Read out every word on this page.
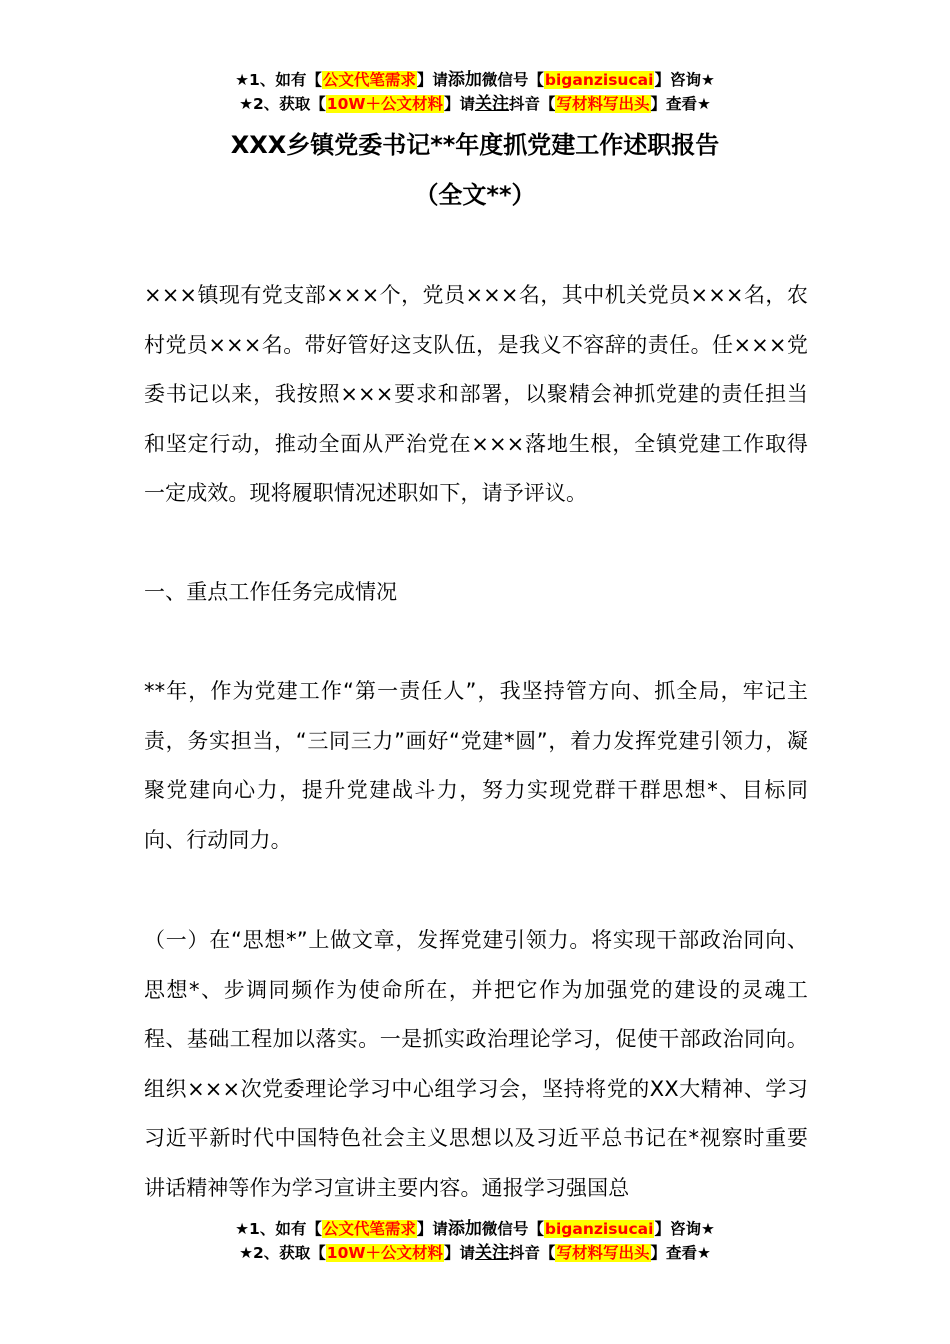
★1、如有【公文代笔需求】请添加微信号【biganzisucai】咨询★
★2、获取【10W＋公文材料】请关注抖音【写材料写出头】查看★
XXX乡镇党委书记**年度抓党建工作述职报告
（全文**）
×××镇现有党支部×××个，党员×××名，其中机关党员×××名，农村党员×××名。带好管好这支队伍，是我义不容辞的责任。任×××党委书记以来，我按照×××要求和部署，以聚精会神抓党建的责任担当和坚定行动，推动全面从严治党在×××落地生根，全镇党建工作取得一定成效。现将履职情况述职如下，请予评议。
一、重点工作任务完成情况
**年，作为党建工作“第一责任人”，我坚持管方向、抓全局，牢记主责，务实担当，“三同三力”画好“党建*圆”，着力发挥党建引领力，凝聚党建向心力，提升党建战斗力，努力实现党群干群思想*、目标同向、行动同力。
（一）在“思想*”上做文章，发挥党建引领力。将实现干部政治同向、思想*、步调同频作为使命所在，并把它作为加强党的建设的灵魂工程、基础工程加以落实。一是抓实政治理论学习，促使干部政治同向。组织×××次党委理论学习中心组学习会，坚持将党的XX大精神、学习习近平新时代中国特色社会主义思想以及习近平总书记在*视察时重要讲话精神等作为学习宣讲主要内容。通报学习强国总
★1、如有【公文代笔需求】请添加微信号【biganzisucai】咨询★
★2、获取【10W＋公文材料】请关注抖音【写材料写出头】查看★
